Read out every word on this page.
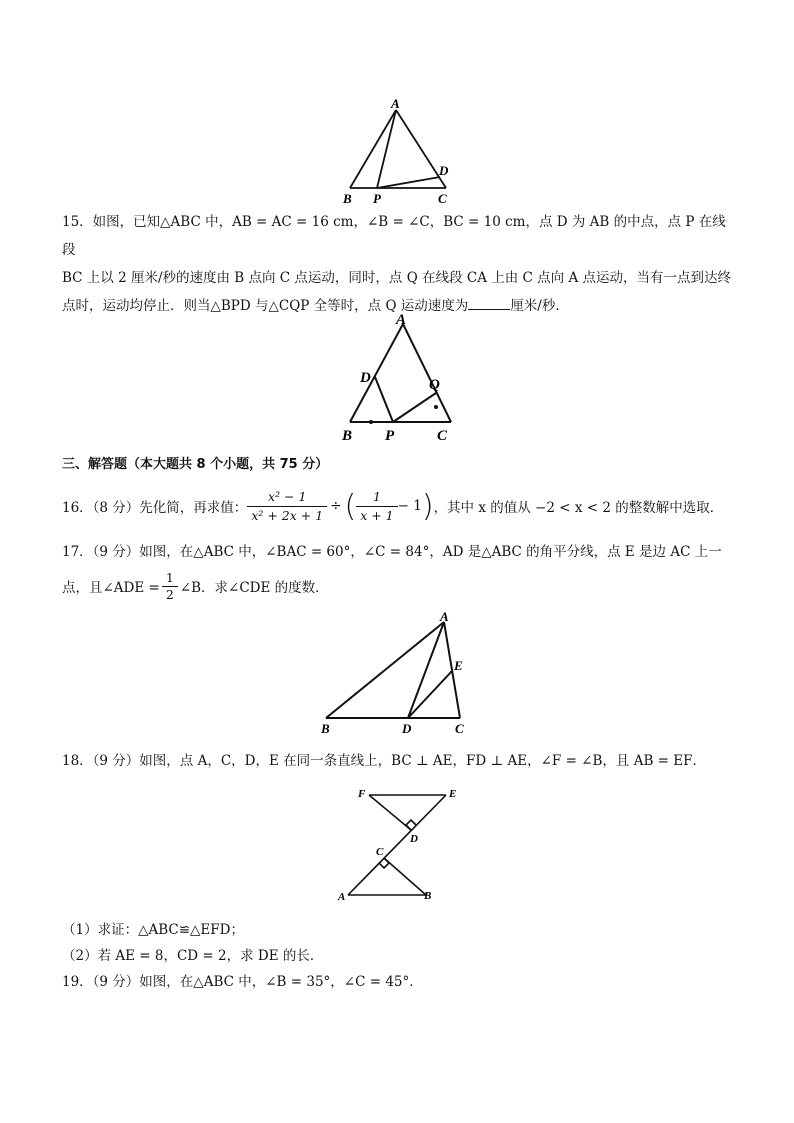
A
B P	C
D
15．如图，已知△ABC 中，AB = AC = 16 cm，∠B = ∠C，BC = 10 cm，点 D 为 AB 的中点，点 P 在线段
BC 上以 2 厘米/秒的速度由 B 点向 C 点运动，同时，点 Q 在线段 CA 上由 C 点向 A 点运动，当有一点到达终
点时，运动均停止．则当△BPD 与△CQP 全等时，点 Q 运动速度为	厘米/秒．
A
D	Q
B P	C
三、解答题（本大题共 8 个小题，共 75 分）
16．（8 分）先化简，再求值： $\frac{\text{x² − 1}}{\text{x² + 2x + 1}}$ ÷ ( $\frac{1}{x + 1} - 1$ ) ，其中 x 的值从 −2 < x < 2 的整数解中选取．
17．（9 分）如图，在△ABC 中，∠BAC = 60°，∠C = 84°，AD 是△ABC 的角平分线，点 E 是边 AC 上一
点，且∠ADE = $\frac{1}{2}$ ∠B．求∠CDE 的度数．
A
E
B	D	C
18．（9 分）如图，点 A，C，D，E 在同一条直线上，BC ⊥ AE，FD ⊥ AE，∠F = ∠B，且 AB = EF．
F	E
D
C
A	B
（1）求证：△ABC≌△EFD；
（2）若 AE = 8，CD = 2，求 DE 的长．
19．（9 分）如图，在△ABC 中，∠B = 35°，∠C = 45°．
